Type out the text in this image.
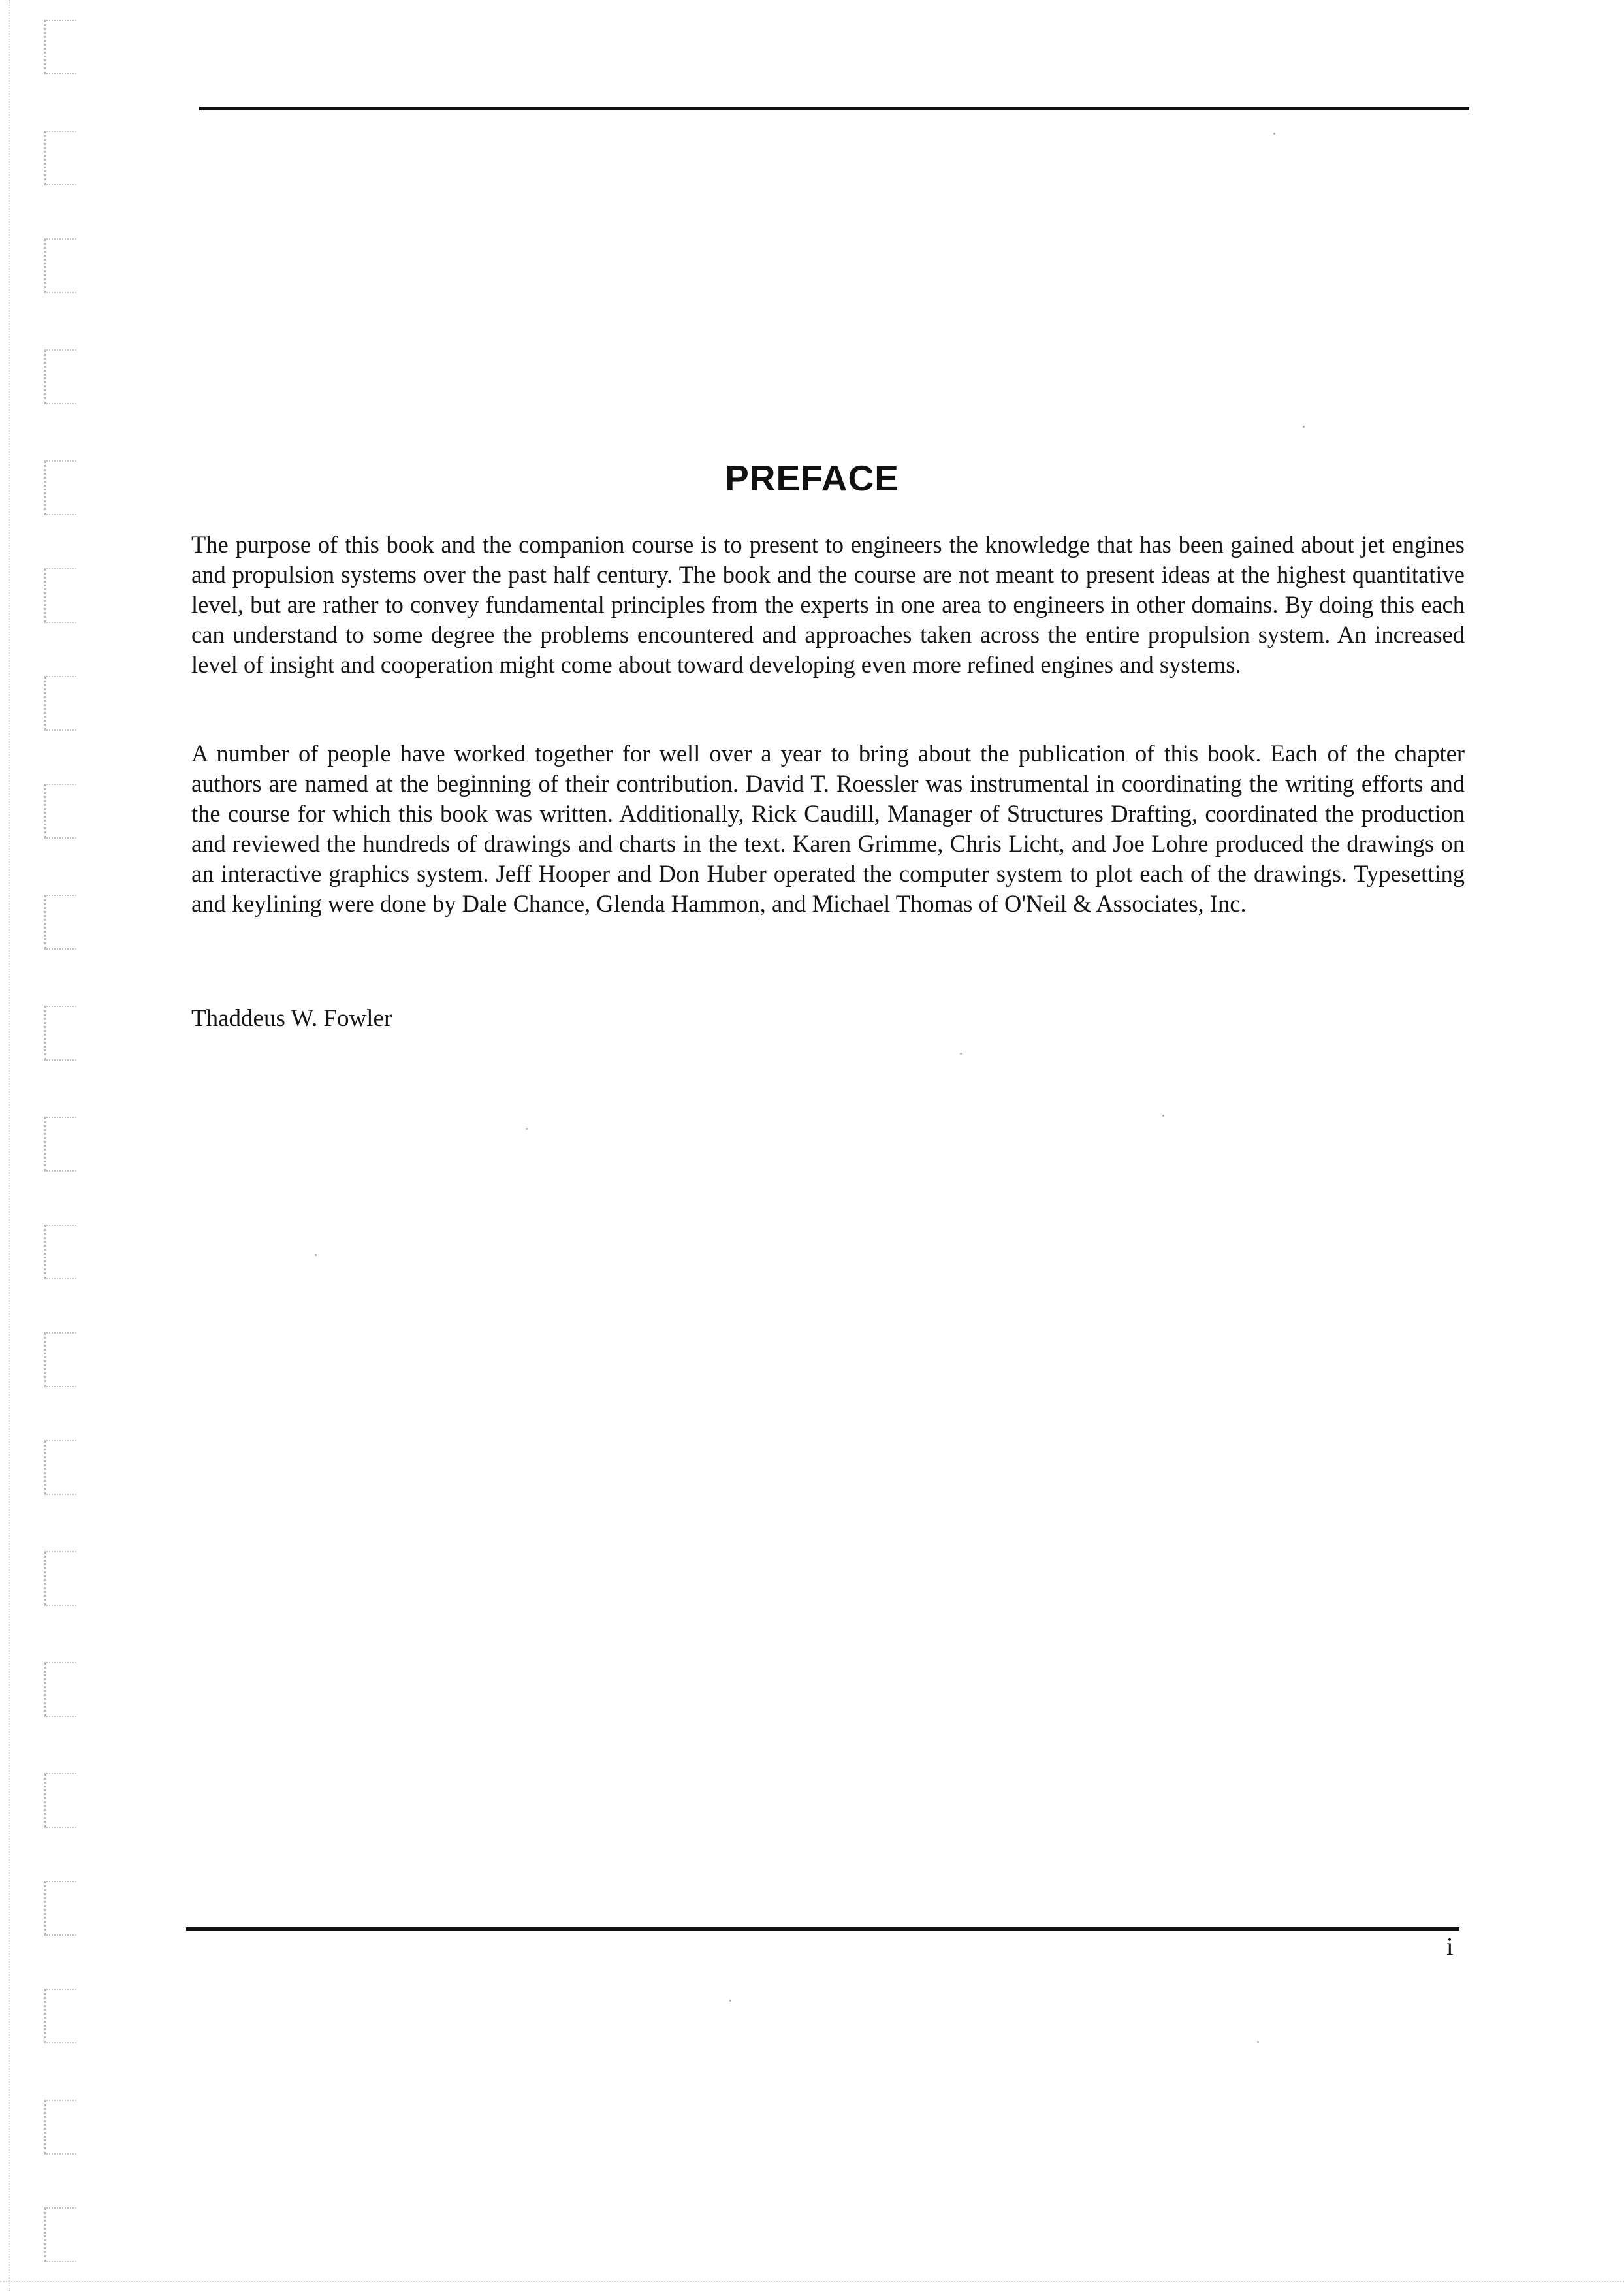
PREFACE

The purpose of this book and the companion course is to present to engineers the knowledge that has been gained about jet engines and propulsion systems over the past half century. The book and the course are not meant to present ideas at the highest quantitative level, but are rather to convey fundamental principles from the experts in one area to engineers in other domains. By doing this each can understand to some degree the problems encountered and approaches taken across the entire propulsion system. An increased level of insight and cooperation might come about toward developing even more refined engines and systems.

A number of people have worked together for well over a year to bring about the publication of this book. Each of the chapter authors are named at the beginning of their contribution. David T. Roessler was instrumental in coordinating the writing efforts and the course for which this book was written. Additionally, Rick Caudill, Manager of Structures Drafting, coordinated the production and reviewed the hundreds of drawings and charts in the text. Karen Grimme, Chris Licht, and Joe Lohre produced the drawings on an interactive graphics system. Jeff Hooper and Don Huber operated the computer system to plot each of the drawings. Typesetting and keylining were done by Dale Chance, Glenda Hammon, and Michael Thomas of O'Neil & Associates, Inc.

Thaddeus W. Fowler

i
